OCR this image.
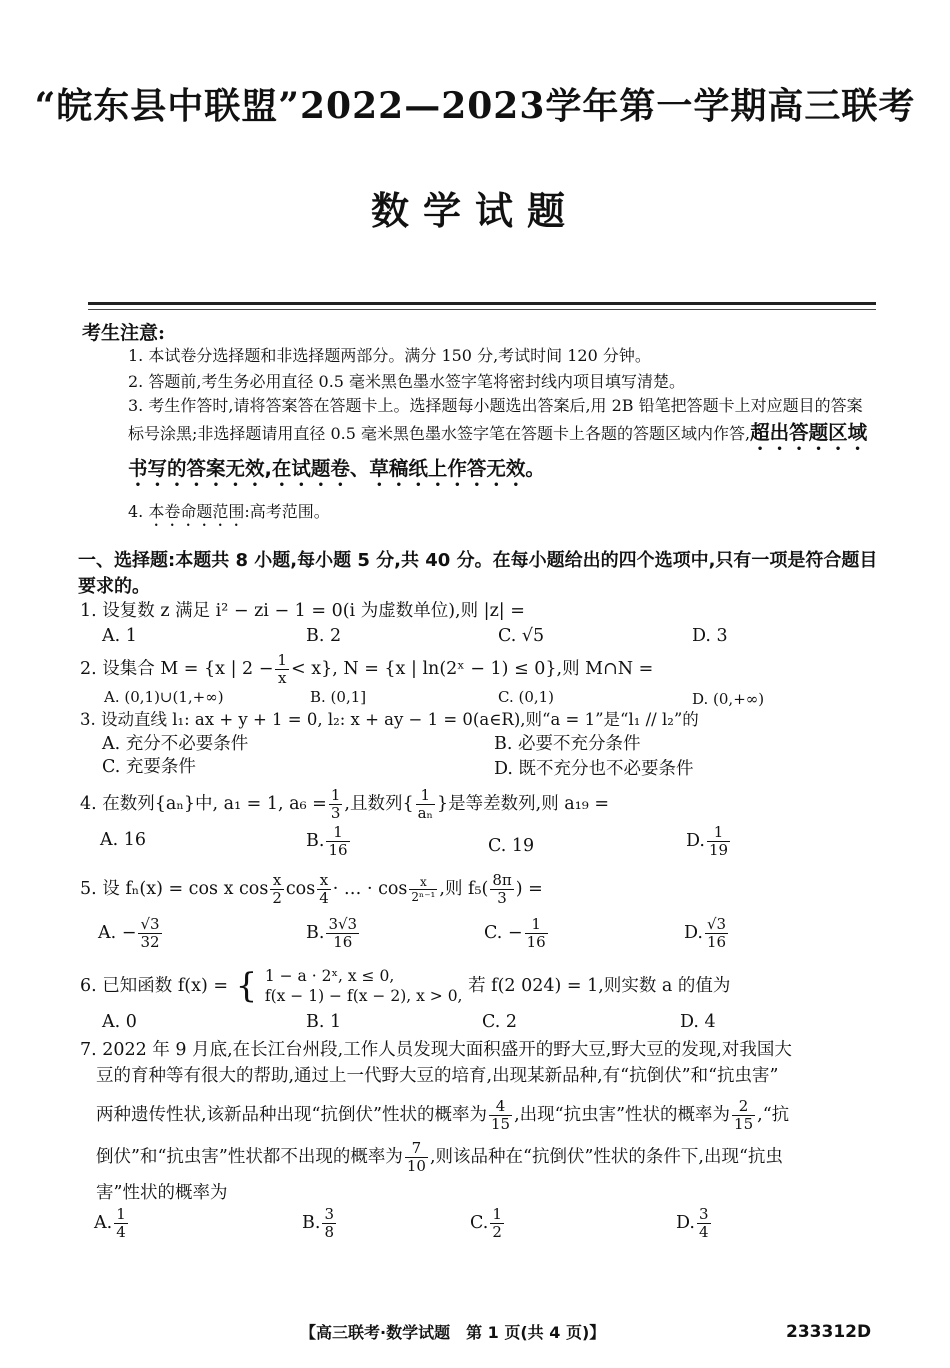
“皖东县中联盟”2022—2023学年第一学期高三联考
数学试题
考生注意:
1. 本试卷分选择题和非选择题两部分。满分 150 分,考试时间 120 分钟。
2. 答题前,考生务必用直径 0.5 毫米黑色墨水签字笔将密封线内项目填写清楚。
3. 考生作答时,请将答案答在答题卡上。选择题每小题选出答案后,用 2B 铅笔把答题卡上对应题目的答案标号涂黑;非选择题请用直径 0.5 毫米黑色墨水签字笔在答题卡上各题的答题区域内作答,超出答题区域书写的答案无效,在试题卷、草稿纸上作答无效。
4. 本卷命题范围:高考范围。
一、选择题:本题共 8 小题,每小题 5 分,共 40 分。在每小题给出的四个选项中,只有一项是符合题目要求的。
1. 设复数 z 满足 i² − zi − 1 = 0(i 为虚数单位),则 |z| =
A. 1	B. 2	C. √5	D. 3
2. 设集合 M = {x | $2 - \frac{1}{x} < x$}, N = {x | ln(2ˣ − 1) ≤ 0},则 M∩N =
A. (0,1)∪(1,+∞)	B. (0,1]	C. (0,1)	D. (0,+∞)
3. 设动直线 l₁: ax + y + 1 = 0, l₂: x + ay − 1 = 0(a∈R),则“a = 1”是“l₁ // l₂”的
A. 充分不必要条件	B. 必要不充分条件
C. 充要条件	D. 既不充分也不必要条件
4. 在数列{aₙ}中, a₁ = 1, $a_6 = \frac{1}{3}$ ,且数列{ $\frac{1}{\text{aₙ}}$ }是等差数列,则 a₁₉ =
A. 16	B. $\frac{1}{16}$	C. 19	D. $\frac{1}{19}$
5. 设 fₙ(x) = cos x $\cos \frac{x}{2}$ $\cos \frac{x}{4}$ · … · $\cos \frac{x}{\text{2ⁿ⁻¹}}$ ,则 $f_5( \frac{8\pi}{3}$ ) =
A. − $\frac{√3}{32}$	B. $\frac{3√3}{16}$	C. − $\frac{1}{16}$	D. $\frac{√3}{16}$
6. 已知函数 f(x) = { 1 − a · 2ˣ, x ≤ 0,
f(x − 1) − f(x − 2), x > 0, 若 f(2 024) = 1,则实数 a 的值为
A. 0	B. 1	C. 2	D. 4
7. 2022 年 9 月底,在长江台州段,工作人员发现大面积盛开的野大豆,野大豆的发现,对我国大
豆的育种等有很大的帮助,通过上一代野大豆的培育,出现某新品种,有“抗倒伏”和“抗虫害”
两种遗传性状,该新品种出现“抗倒伏”性状的概率为 $\frac{4}{15}$ ,出现“抗虫害”性状的概率为 $\frac{2}{15}$ ,“抗
倒伏”和“抗虫害”性状都不出现的概率为 $\frac{7}{10}$ ,则该品种在“抗倒伏”性状的条件下,出现“抗虫
害”性状的概率为
A. $\frac{1}{4}$	B. $\frac{3}{8}$	C. $\frac{1}{2}$	D. $\frac{3}{4}$
【高三联考·数学试题　第 1 页(共 4 页)】	233312D
